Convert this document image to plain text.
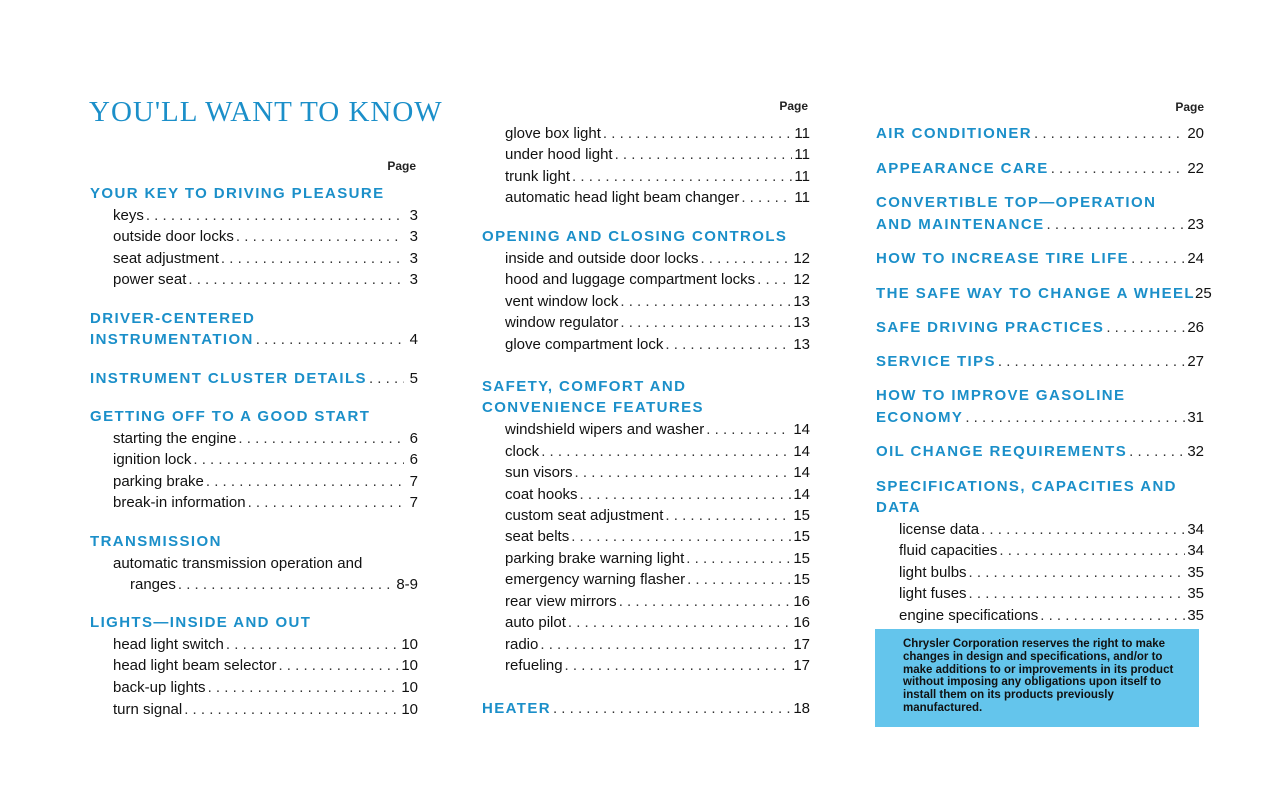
YOU'LL WANT TO KNOW
Page
YOUR KEY TO DRIVING PLEASURE
keys . . .	3
outside door locks . . .	3
seat adjustment . . .	3
power seat . . .	3
DRIVER-CENTERED
INSTRUMENTATION . . .	4
INSTRUMENT CLUSTER DETAILS . . .	5
GETTING OFF TO A GOOD START
starting the engine . . .	6
ignition lock . . .	6
parking brake . . .	7
break-in information . . .	7
TRANSMISSION
automatic transmission operation and
ranges . . .	8-9
LIGHTS—INSIDE AND OUT
head light switch . . .	10
head light beam selector . . .	10
back-up lights . . .	10
turn signal . . .	10
Page
glove box light . . .	11
under hood light . . .	11
trunk light . . .	11
automatic head light beam changer . . .	11
OPENING AND CLOSING CONTROLS
inside and outside door locks . . .	12
hood and luggage compartment locks . . .	12
vent window lock . . .	13
window regulator . . .	13
glove compartment lock . . .	13
SAFETY, COMFORT AND
CONVENIENCE FEATURES
windshield wipers and washer . . .	14
clock . . .	14
sun visors . . .	14
coat hooks . . .	14
custom seat adjustment . . .	15
seat belts . . .	15
parking brake warning light . . .	15
emergency warning flasher . . .	15
rear view mirrors . . .	16
auto pilot . . .	16
radio . . .	17
refueling . . .	17
HEATER . . .	18
Page
AIR CONDITIONER . . .	20
APPEARANCE CARE . . .	22
CONVERTIBLE TOP—OPERATION
AND MAINTENANCE . . .	23
HOW TO INCREASE TIRE LIFE . . .	24
THE SAFE WAY TO CHANGE A WHEEL 25
SAFE DRIVING PRACTICES . . .	26
SERVICE TIPS . . .	27
HOW TO IMPROVE GASOLINE
ECONOMY . . .	31
OIL CHANGE REQUIREMENTS . . .	32
SPECIFICATIONS, CAPACITIES AND
DATA
license data . . .	34
fluid capacities . . .	34
light bulbs . . .	35
light fuses . . .	35
engine specifications . . .	35
Chrysler Corporation reserves the right to make changes in design and specifications, and/or to make additions to or improvements in its product without imposing any obligations upon itself to install them on its products previously manufactured.
